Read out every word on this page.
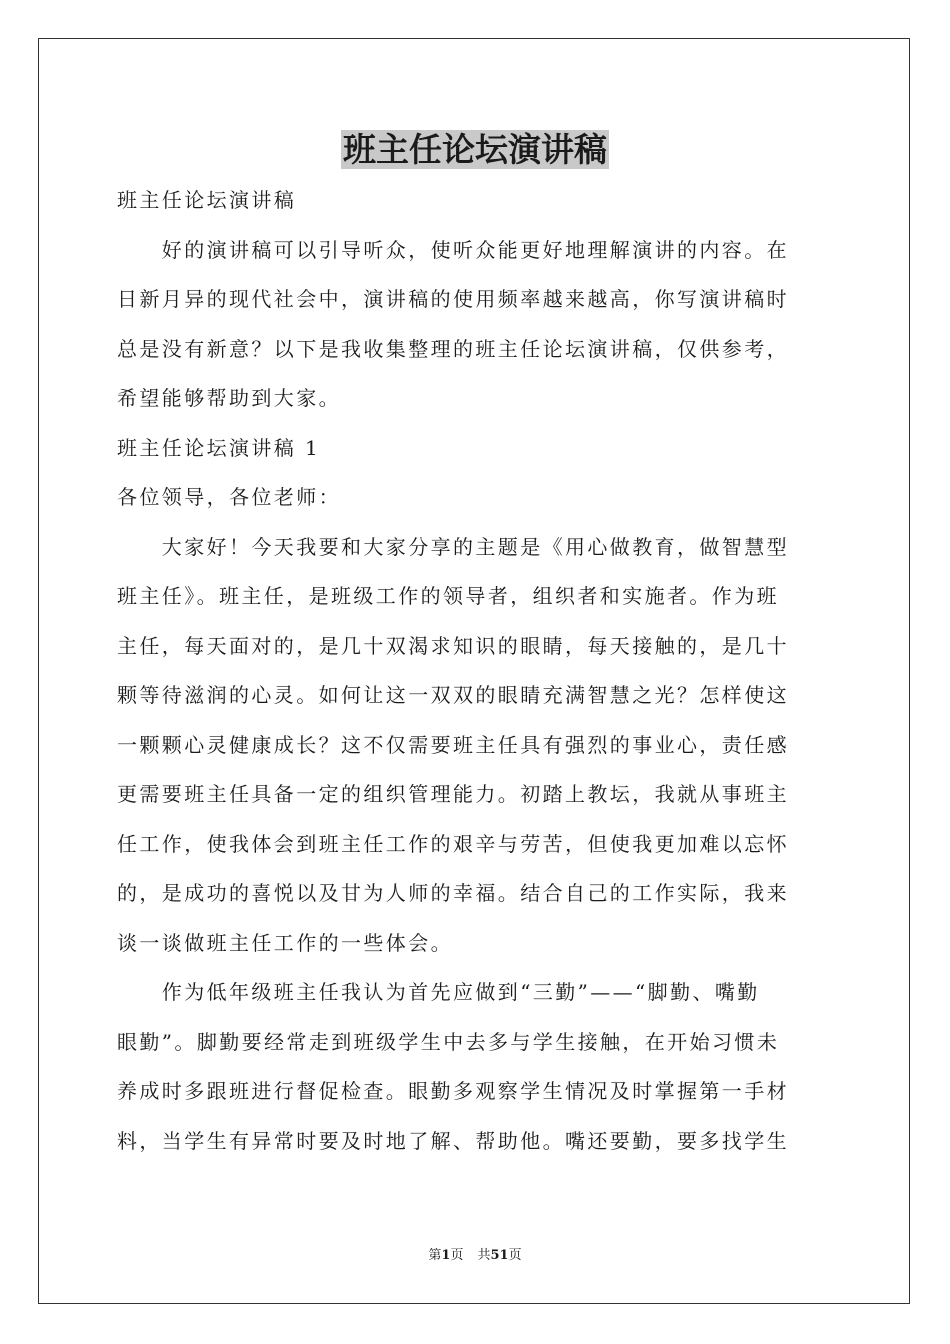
班主任论坛演讲稿
班主任论坛演讲稿
　　好的演讲稿可以引导听众，使听众能更好地理解演讲的内容。在
日新月异的现代社会中，演讲稿的使用频率越来越高，你写演讲稿时
总是没有新意？以下是我收集整理的班主任论坛演讲稿，仅供参考，
希望能够帮助到大家。
班主任论坛演讲稿 1
各位领导，各位老师：
　　大家好！今天我要和大家分享的主题是《用心做教育，做智慧型
班主任》。班主任，是班级工作的领导者，组织者和实施者。作为班
主任，每天面对的，是几十双渴求知识的眼睛，每天接触的，是几十
颗等待滋润的心灵。如何让这一双双的眼睛充满智慧之光？怎样使这
一颗颗心灵健康成长？这不仅需要班主任具有强烈的事业心，责任感
更需要班主任具备一定的组织管理能力。初踏上教坛，我就从事班主
任工作，使我体会到班主任工作的艰辛与劳苦，但使我更加难以忘怀
的，是成功的喜悦以及甘为人师的幸福。结合自己的工作实际，我来
谈一谈做班主任工作的一些体会。
　　作为低年级班主任我认为首先应做到“三勤”——“脚勤、嘴勤
眼勤”。脚勤要经常走到班级学生中去多与学生接触，在开始习惯未
养成时多跟班进行督促检查。眼勤多观察学生情况及时掌握第一手材
料，当学生有异常时要及时地了解、帮助他。嘴还要勤，要多找学生
第1页 共51页
